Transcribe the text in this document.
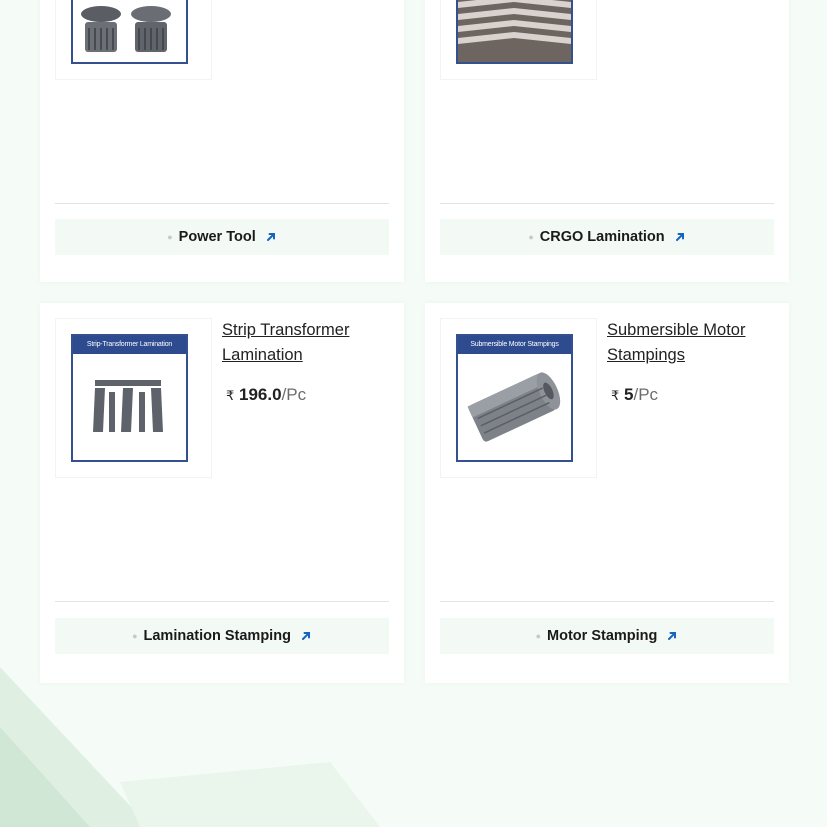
● Power Tool	● CRGO Lamination
Strip-Transformer Lamination
Strip Transformer Lamination
₹ 196.0/Pc
● Lamination Stamping
Submersible Motor Stampings
Submersible Motor Stampings
₹ 5/Pc
● Motor Stamping
